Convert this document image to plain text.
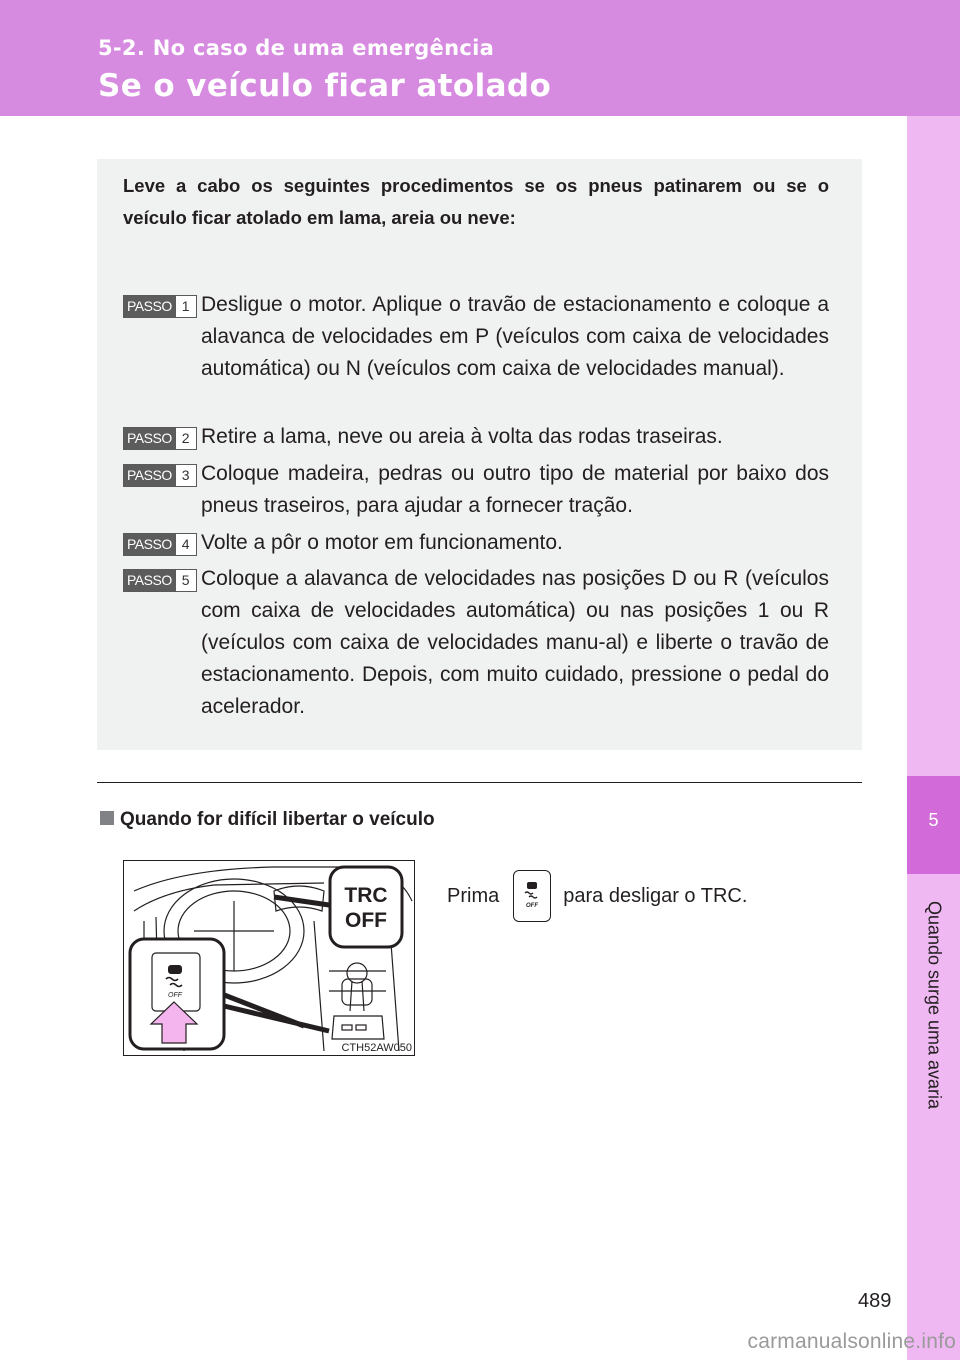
5-2. No caso de uma emergência
Se o veículo ficar atolado
5
Quando surge uma avaria
Leve a cabo os seguintes procedimentos se os pneus patinarem ou se o veículo ficar atolado em lama, areia ou neve:
PASSO 1 Desligue o motor. Aplique o travão de estacionamento e coloque a alavanca de velocidades em P (veículos com caixa de velocidades automática) ou N (veículos com caixa de velocidades manual).
PASSO 2 Retire a lama, neve ou areia à volta das rodas traseiras.
PASSO 3 Coloque madeira, pedras ou outro tipo de material por baixo dos pneus traseiros, para ajudar a fornecer tração.
PASSO 4 Volte a pôr o motor em funcionamento.
PASSO 5 Coloque a alavanca de velocidades nas posições D ou R (veículos com caixa de velocidades automática) ou nas posições 1 ou R (veículos com caixa de velocidades manu-al) e liberte o travão de estacionamento. Depois, com muito cuidado, pressione o pedal do acelerador.
Quando for difícil libertar o veículo
OFF
CTH52AW050
TRC
OFF
Prima	OFF para desligar o TRC.
489
carmanualsonline.info
